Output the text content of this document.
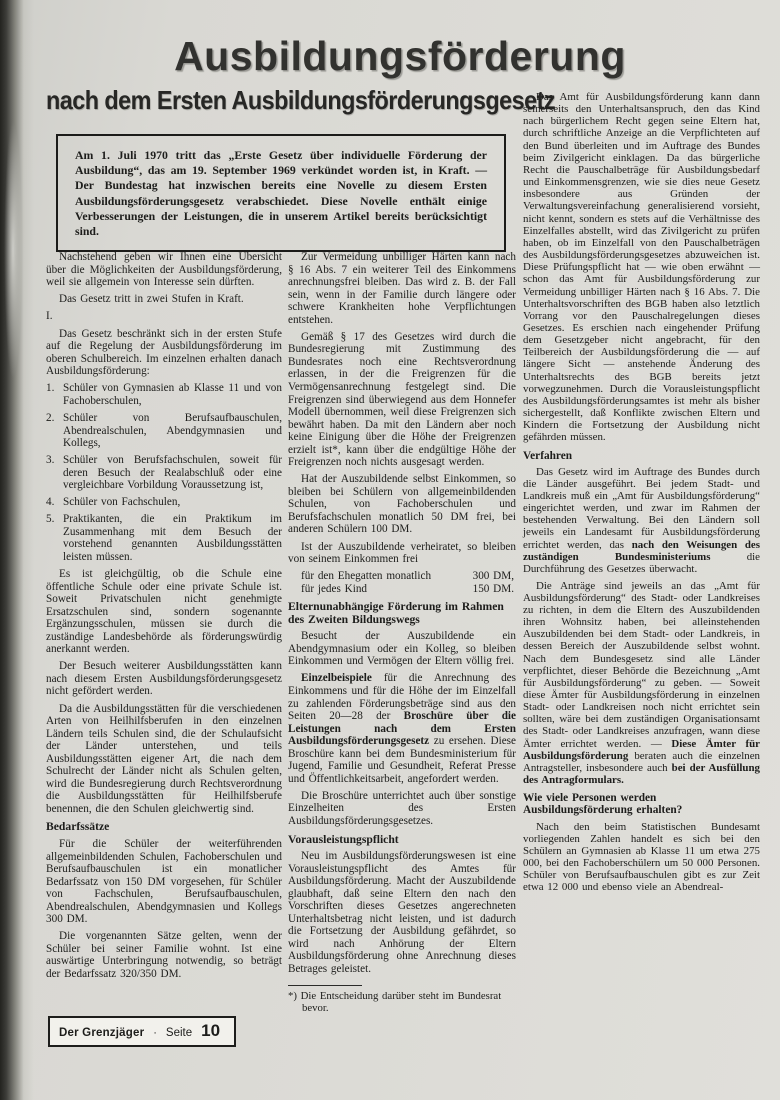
Ausbildungsförderung
nach dem Ersten Ausbildungsförderungsgesetz
Am 1. Juli 1970 tritt das „Erste Gesetz über individuelle Förderung der Ausbildung“, das am 19. September 1969 verkündet worden ist, in Kraft. — Der Bundestag hat inzwischen bereits eine Novelle zu diesem Ersten Ausbildungsförderungsgesetz verabschiedet. Diese Novelle enthält einige Verbesserungen der Leistungen, die in unserem Artikel bereits berücksichtigt sind.

Nachstehend geben wir Ihnen eine Übersicht über die Möglichkeiten der Ausbildungsförderung, weil sie allgemein von Interesse sein dürften.

Das Gesetz tritt in zwei Stufen in Kraft.

I.

Das Gesetz beschränkt sich in der ersten Stufe auf die Regelung der Ausbildungsförderung im oberen Schulbereich. Im einzelnen erhalten danach Ausbildungsförderung:

1. Schüler von Gymnasien ab Klasse 11 und von Fachoberschulen,
2. Schüler von Berufsaufbauschulen, Abendrealschulen, Abendgymnasien und Kollegs,
3. Schüler von Berufsfachschulen, soweit für deren Besuch der Realabschluß oder eine vergleichbare Vorbildung Voraussetzung ist,
4. Schüler von Fachschulen,
5. Praktikanten, die ein Praktikum im Zusammenhang mit dem Besuch der vorstehend genannten Ausbildungsstätten leisten müssen.

Es ist gleichgültig, ob die Schule eine öffentliche Schule oder eine private Schule ist. Soweit Privatschulen nicht genehmigte Ersatzschulen sind, sondern sogenannte Ergänzungsschulen, müssen sie durch die zuständige Landesbehörde als förderungswürdig anerkannt werden.

Der Besuch weiterer Ausbildungsstätten kann nach diesem Ersten Ausbildungsförderungsgesetz nicht gefördert werden.

Da die Ausbildungsstätten für die verschiedenen Arten von Heilhilfsberufen in den einzelnen Ländern teils Schulen sind, die der Schulaufsicht der Länder unterstehen, und teils Ausbildungsstätten eigener Art, die nach dem Schulrecht der Länder nicht als Schulen gelten, wird die Bundesregierung durch Rechtsverordnung die Ausbildungsstätten für Heilhilfsberufe benennen, die den Schulen gleichwertig sind.

Bedarfssätze

Für die Schüler der weiterführenden allgemeinbildenden Schulen, Fachoberschulen und Berufsaufbauschulen ist ein monatlicher Bedarfssatz von 150 DM vorgesehen, für Schüler von Fachschulen, Berufsaufbauschulen, Abendrealschulen, Abendgymnasien und Kollegs 300 DM.

Die vorgenannten Sätze gelten, wenn der Schüler bei seiner Familie wohnt. Ist eine auswärtige Unterbringung notwendig, so beträgt der Bedarfssatz 320/350 DM.

Zur Vermeidung unbilliger Härten kann nach § 16 Abs. 7 ein weiterer Teil des Einkommens anrechnungsfrei bleiben. Das wird z. B. der Fall sein, wenn in der Familie durch längere oder schwere Krankheiten hohe Verpflichtungen entstehen.

Gemäß § 17 des Gesetzes wird durch die Bundesregierung mit Zustimmung des Bundesrates noch eine Rechtsverordnung erlassen, in der die Freigrenzen für die Vermögensanrechnung festgelegt sind. Die Freigrenzen sind überwiegend aus dem Honnefer Modell übernommen, weil diese Freigrenzen sich bewährt haben. Da mit den Ländern aber noch keine Einigung über die Höhe der Freigrenzen erzielt ist*, kann über die endgültige Höhe der Freigrenzen noch nichts ausgesagt werden.

Hat der Auszubildende selbst Einkommen, so bleiben bei Schülern von allgemeinbildenden Schulen, von Fachoberschulen und Berufsfachschulen monatlich 50 DM frei, bei anderen Schülern 100 DM.

Ist der Auszubildende verheiratet, so bleiben von seinem Einkommen frei

für den Ehegatten monatlich	300 DM,
für jedes Kind	150 DM.
Elternunabhängige Förderung im Rahmen des Zweiten Bildungswegs

Besucht der Auszubildende ein Abendgymnasium oder ein Kolleg, so bleiben Einkommen und Vermögen der Eltern völlig frei.

Einzelbeispiele für die Anrechnung des Einkommens und für die Höhe der im Einzelfall zu zahlenden Förderungsbeträge sind aus den Seiten 20—28 der Broschüre über die Leistungen nach dem Ersten Ausbildungsförderungsgesetz zu ersehen. Diese Broschüre kann bei dem Bundesministerium für Jugend, Familie und Gesundheit, Referat Presse und Öffentlichkeitsarbeit, angefordert werden.

Die Broschüre unterrichtet auch über sonstige Einzelheiten des Ersten Ausbildungsförderungsgesetzes.

Vorausleistungspflicht

Neu im Ausbildungsförderungswesen ist eine Vorausleistungspflicht des Amtes für Ausbildungsförderung. Macht der Auszubildende glaubhaft, daß seine Eltern den nach den Vorschriften dieses Gesetzes angerechneten Unterhaltsbetrag nicht leisten, und ist dadurch die Fortsetzung der Ausbildung gefährdet, so wird nach Anhörung der Eltern Ausbildungsförderung ohne Anrechnung dieses Betrages geleistet.

*) Die Entscheidung darüber steht im Bundesrat bevor.

Das Amt für Ausbildungsförderung kann dann seinerseits den Unterhaltsanspruch, den das Kind nach bürgerlichem Recht gegen seine Eltern hat, durch schriftliche Anzeige an die Verpflichteten auf den Bund überleiten und im Auftrage des Bundes beim Zivilgericht einklagen. Da das bürgerliche Recht die Pauschalbeträge für Ausbildungsbedarf und Einkommensgrenzen, wie sie dies neue Gesetz insbesondere aus Gründen der Verwaltungsvereinfachung generalisierend vorsieht, nicht kennt, sondern es stets auf die Verhältnisse des Einzelfalles abstellt, wird das Zivilgericht zu prüfen haben, ob im Einzelfall von den Pauschalbeträgen des Ausbildungsförderungsgesetzes abzuweichen ist. Diese Prüfungspflicht hat — wie oben erwähnt — schon das Amt für Ausbildungsförderung zur Vermeidung unbilliger Härten nach § 16 Abs. 7. Die Unterhaltsvorschriften des BGB haben also letztlich Vorrang vor den Pauschalregelungen dieses Gesetzes. Es erschien nach eingehender Prüfung dem Gesetzgeber nicht angebracht, für den Teilbereich der Ausbildungsförderung die — auf längere Sicht — anstehende Änderung des Unterhaltsrechts des BGB bereits jetzt vorwegzunehmen. Durch die Vorausleistungspflicht des Ausbildungsförderungsamtes ist mehr als bisher sichergestellt, daß Konflikte zwischen Eltern und Kindern die Fortsetzung der Ausbildung nicht gefährden müssen.

Verfahren

Das Gesetz wird im Auftrage des Bundes durch die Länder ausgeführt. Bei jedem Stadt- und Landkreis muß ein „Amt für Ausbildungsförderung“ eingerichtet werden, und zwar im Rahmen der bestehenden Verwaltung. Bei den Ländern soll jeweils ein Landesamt für Ausbildungsförderung errichtet werden, das nach den Weisungen des zuständigen Bundesministeriums die Durchführung des Gesetzes überwacht.

Die Anträge sind jeweils an das „Amt für Ausbildungsförderung“ des Stadt- oder Landkreises zu richten, in dem die Eltern des Auszubildenden ihren Wohnsitz haben, bei alleinstehenden Auszubildenden bei dem Stadt- oder Landkreis, in dessen Bereich der Auszubildende selbst wohnt. Nach dem Bundesgesetz sind alle Länder verpflichtet, dieser Behörde die Bezeichnung „Amt für Ausbildungsförderung“ zu geben. — Soweit diese Ämter für Ausbildungsförderung in einzelnen Stadt- oder Landkreisen noch nicht errichtet sein sollten, wäre bei dem zuständigen Organisationsamt des Stadt- oder Landkreises anzufragen, wann diese Ämter errichtet werden. — Diese Ämter für Ausbildungsförderung beraten auch die einzelnen Antragsteller, insbesondere auch bei der Ausfüllung des Antragformulars.

Wie viele Personen werden Ausbildungsförderung erhalten?

Nach den beim Statistischen Bundesamt vorliegenden Zahlen handelt es sich bei den Schülern an Gymnasien ab Klasse 11 um etwa 275 000, bei den Fachoberschülern um 50 000 Personen. Schüler von Berufsaufbauschulen gibt es zur Zeit etwa 12 000 und ebenso viele an Abendreal-

Der Grenzjäger · Seite 10
